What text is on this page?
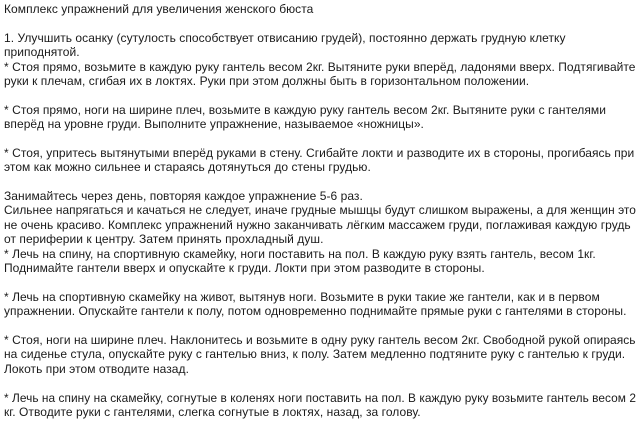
Комплекс упражнений для увеличения женского бюста
1. Улучшить осанку (сутулость способствует отвисанию грудей), постоянно держать грудную клетку
приподнятой.
* Стоя прямо, возьмите в каждую руку гантель весом 2кг. Вытяните руки вперёд, ладонями вверх. Подтягивайте
руки к плечам, сгибая их в локтях. Руки при этом должны быть в горизонтальном положении.
* Стоя прямо, ноги на ширине плеч, возьмите в каждую руку гантель весом 2кг. Вытяните руки с гантелями
вперёд на уровне груди. Выполните упражнение, называемое «ножницы».
* Стоя, упритесь вытянутыми вперёд руками в стену. Сгибайте локти и разводите их в стороны, прогибаясь при
этом как можно сильнее и стараясь дотянуться до стены грудью.
Занимайтесь через день, повторяя каждое упражнение 5-6 раз.
Сильнее напрягаться и качаться не следует, иначе грудные мышцы будут слишком выражены, а для женщин это
не очень красиво. Комплекс упражнений нужно заканчивать лёгким массажем груди, поглаживая каждую грудь
от периферии к центру. Затем принять прохладный душ.
* Лечь на спину, на спортивную скамейку, ноги поставить на пол. В каждую руку взять гантель, весом 1кг.
Поднимайте гантели вверх и опускайте к груди. Локти при этом разводите в стороны.
* Лечь на спортивную скамейку на живот, вытянув ноги. Возьмите в руки такие же гантели, как и в первом
упражнении. Опускайте гантели к полу, потом одновременно поднимайте прямые руки с гантелями в стороны.
* Стоя, ноги на ширине плеч. Наклонитесь и возьмите в одну руку гантель весом 2кг. Свободной рукой опираясь
на сиденье стула, опускайте руку с гантелью вниз, к полу. Затем медленно подтяните руку с гантелью к груди.
Локоть при этом отводите назад.
* Лечь на спину на скамейку, согнутые в коленях ноги поставить на пол. В каждую руку возьмите гантель весом 2
кг. Отводите руки с гантелями, слегка согнутые в локтях, назад, за голову.
